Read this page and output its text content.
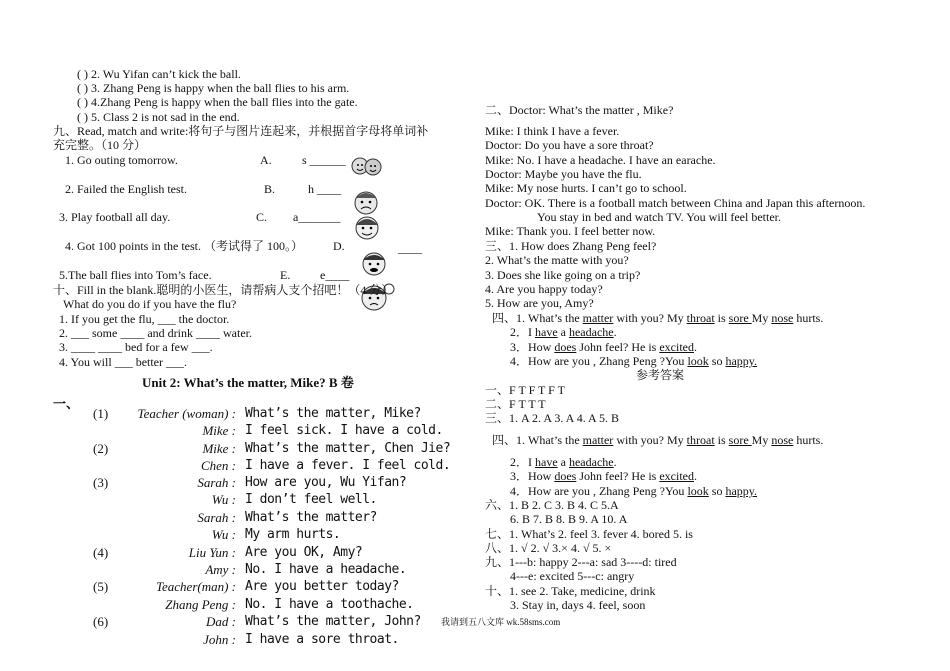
( ) 2. Wu Yifan can’t kick the ball.
( ) 3. Zhang Peng is happy when the ball flies to his arm.
( ) 4.Zhang Peng is happy when the ball flies into the gate.
( ) 5. Class 2 is not sad in the end.
九、Read, match and write:将句子与图片连起来，并根据首字母将单词补
充完整。（10 分）
1. Go outing tomorrow.	A.	s ______
2. Failed the English test.	B.	h ____
3. Play football all day.	C. a_______
4. Got 100 points in the test. （考试得了 100。）	D.	____
5.The ball flies into Tom’s face.	E. e____
十、Fill in the blank.聪明的小医生，请帮病人支个招吧！（4 分）
What do you do if you have the flu?
1. If you get the flu, ___ the doctor.
2. ___ some ____ and drink ____ water.
3. ____ ____ bed for a few ___.
4. You will ___ better ___.
Unit 2: What’s the matter, Mike? B 卷
一、
(1)	Teacher (woman) : What’s the matter, Mike?
Mike : I feel sick. I have a cold.
(2)	Mike : What’s the matter, Chen Jie?
Chen : I have a fever. I feel cold.
(3)	Sarah : How are you, Wu Yifan?
Wu : I don’t feel well.
Sarah : What’s the matter?
Wu : My arm hurts.
(4)	Liu Yun : Are you OK, Amy?
Amy : No. I have a headache.
(5)	Teacher(man) : Are you better today?
Zhang Peng : No. I have a toothache.
(6)	Dad : What’s the matter, John?
John : I have a sore throat.
二、Doctor: What’s the matter , Mike?
Mike: I think I have a fever.
Doctor: Do you have a sore throat?
Mike: No. I have a headache. I have an earache.
Doctor: Maybe you have the flu.
Mike: My nose hurts. I can’t go to school.
Doctor: OK. There is a football match between China and Japan this afternoon.
You stay in bed and watch TV. You will feel better.
Mike: Thank you. I feel better now.
三、1. How does Zhang Peng feel?
2. What’s the matte with you?
3. Does she like going on a trip?
4. Are you happy today?
5. How are you, Amy?
四、1. What’s the matter with you? My throat is sore My nose hurts.
2．I have a headache.
3．How does John feel? He is excited.
4．How are you , Zhang Peng ?You look so happy.
参考答案
一、F T F T F T
二、F T T T
三、1. A 2. A 3. A 4. A 5. B
四、1. What’s the matter with you? My throat is sore My nose hurts.
2．I have a headache.
3．How does John feel? He is excited.
4．How are you , Zhang Peng ?You look so happy.
六、1. B 2. C 3. B 4. C 5.A
6. B 7. B 8. B 9. A 10. A
七、1. What’s 2. feel 3. fever 4. bored 5. is
八、1. √ 2. √ 3.× 4. √ 5. ×
九、1---b: happy 2---a: sad 3----d: tired
4---e: excited 5---c: angry
十、1. see 2. Take, medicine, drink
3. Stay in, days 4. feel, soon
我请到五八文库 wk.58sms.com
